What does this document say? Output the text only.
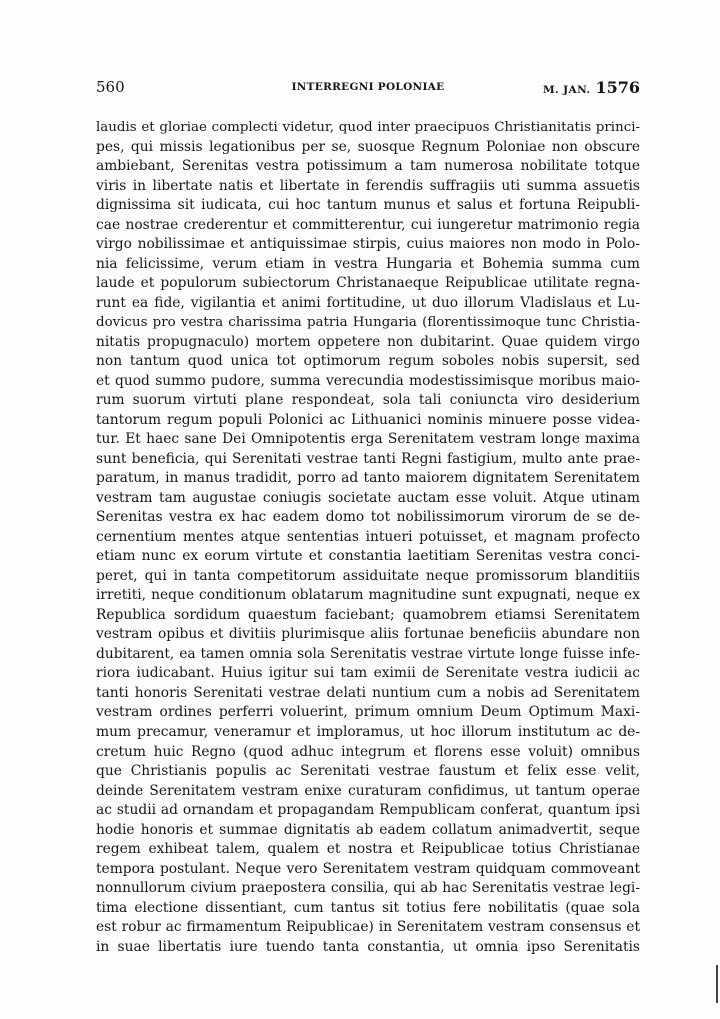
560	INTERREGNI POLONIAE	M. JAN. 1576
laudis et gloriae complecti videtur, quod inter praecipuos Christianitatis princi-
pes, qui missis legationibus per se, suosque Regnum Poloniae non obscure
ambiebant, Serenitas vestra potissimum a tam numerosa nobilitate totque
viris in libertate natis et libertate in ferendis suffragiis uti summa assuetis
dignissima sit iudicata, cui hoc tantum munus et salus et fortuna Reipubli-
cae nostrae crederentur et committerentur, cui iungeretur matrimonio regia
virgo nobilissimae et antiquissimae stirpis, cuius maiores non modo in Polo-
nia felicissime, verum etiam in vestra Hungaria et Bohemia summa cum
laude et populorum subiectorum Christanaeque Reipublicae utilitate regna-
runt ea fide, vigilantia et animi fortitudine, ut duo illorum Vladislaus et Lu-
dovicus pro vestra charissima patria Hungaria (florentissimoque tunc Christia-
nitatis propugnaculo) mortem oppetere non dubitarint. Quae quidem virgo
non tantum quod unica tot optimorum regum soboles nobis supersit, sed
et quod summo pudore, summa verecundia modestissimisque moribus maio-
rum suorum virtuti plane respondeat, sola tali coniuncta viro desiderium
tantorum regum populi Polonici ac Lithuanici nominis minuere posse videa-
tur. Et haec sane Dei Omnipotentis erga Serenitatem vestram longe maxima
sunt beneficia, qui Serenitati vestrae tanti Regni fastigium, multo ante prae-
paratum, in manus tradidit, porro ad tanto maiorem dignitatem Serenitatem
vestram tam augustae coniugis societate auctam esse voluit. Atque utinam
Serenitas vestra ex hac eadem domo tot nobilissimorum virorum de se de-
cernentium mentes atque sententias intueri potuisset, et magnam profecto
etiam nunc ex eorum virtute et constantia laetitiam Serenitas vestra conci-
peret, qui in tanta competitorum assiduitate neque promissorum blanditiis
irretiti, neque conditionum oblatarum magnitudine sunt expugnati, neque ex
Republica sordidum quaestum faciebant; quamobrem etiamsi Serenitatem
vestram opibus et divitiis plurimisque aliis fortunae beneficiis abundare non
dubitarent, ea tamen omnia sola Serenitatis vestrae virtute longe fuisse infe-
riora iudicabant. Huius igitur sui tam eximii de Serenitate vestra iudicii ac
tanti honoris Serenitati vestrae delati nuntium cum a nobis ad Serenitatem
vestram ordines perferri voluerint, primum omnium Deum Optimum Maxi-
mum precamur, veneramur et imploramus, ut hoc illorum institutum ac de-
cretum huic Regno (quod adhuc integrum et florens esse voluit) omnibus
que Christianis populis ac Serenitati vestrae faustum et felix esse velit,
deinde Serenitatem vestram enixe curaturam confidimus, ut tantum operae
ac studii ad ornandam et propagandam Rempublicam conferat, quantum ipsi
hodie honoris et summae dignitatis ab eadem collatum animadvertit, seque
regem exhibeat talem, qualem et nostra et Reipublicae totius Christianae
tempora postulant. Neque vero Serenitatem vestram quidquam commoveant
nonnullorum civium praepostera consilia, qui ab hac Serenitatis vestrae legi-
tima electione dissentiant, cum tantus sit totius fere nobilitatis (quae sola
est robur ac firmamentum Reipublicae) in Serenitatem vestram consensus et
in suae libertatis iure tuendo tanta constantia, ut omnia ipso Serenitatis
